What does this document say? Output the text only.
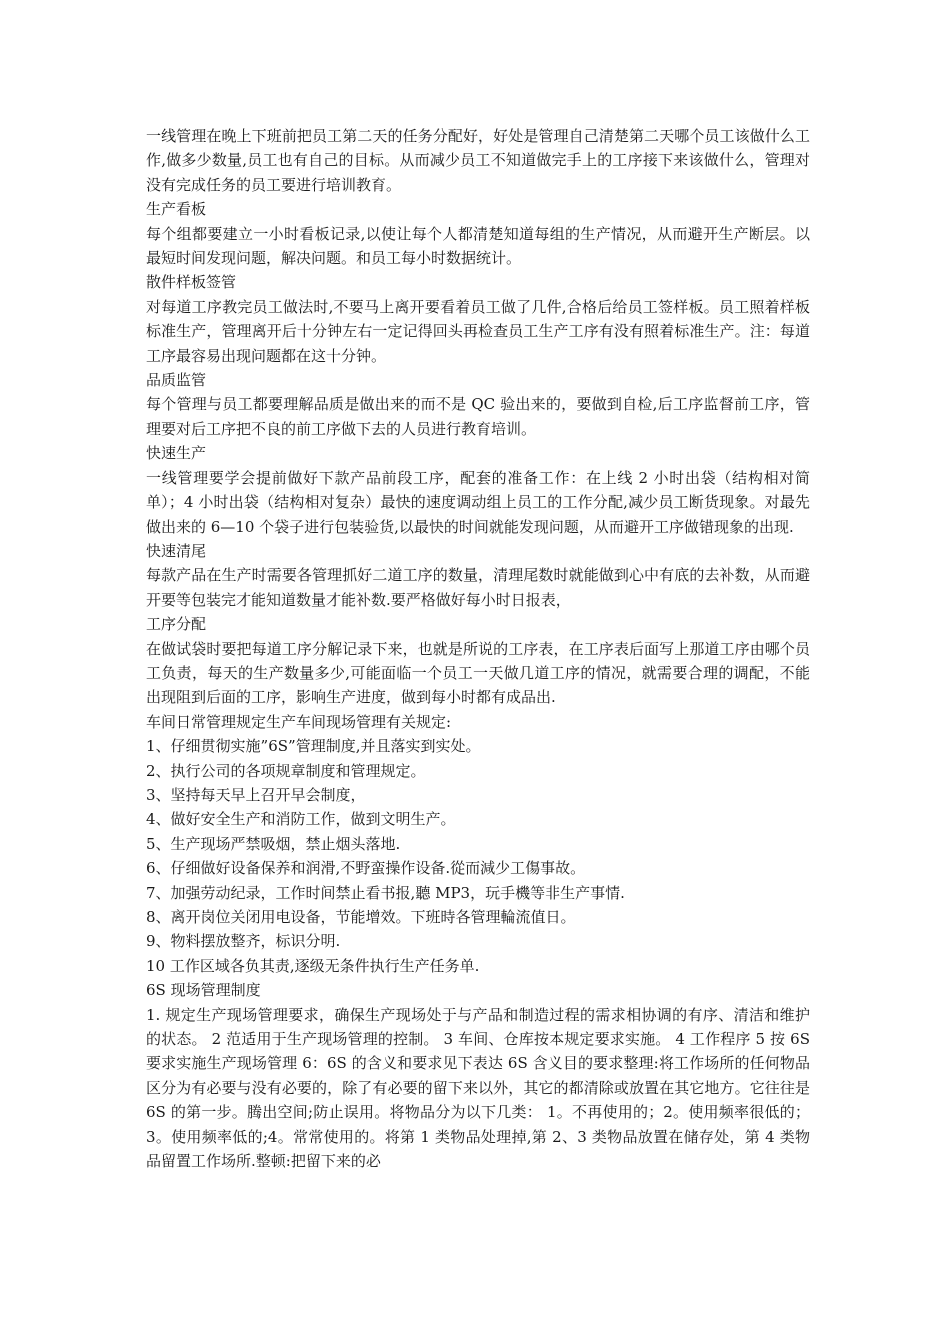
一线管理在晚上下班前把员工第二天的任务分配好，好处是管理自己清楚第二天哪个员工该做什么工作,做多少数量,员工也有自己的目标。从而减少员工不知道做完手上的工序接下来该做什么，管理对没有完成任务的员工要进行培训教育。

生产看板

每个组都要建立一小时看板记录,以使让每个人都清楚知道每组的生产情况，从而避开生产断层。以最短时间发现问题，解决问题。和员工每小时数据统计。

散件样板签管

对每道工序教完员工做法时,不要马上离开要看着员工做了几件,合格后给员工签样板。员工照着样板标准生产，管理离开后十分钟左右一定记得回头再检查员工生产工序有没有照着标准生产。注：每道工序最容易出现问题都在这十分钟。

品质监管

每个管理与员工都要理解品质是做出来的而不是 QC 验出来的，要做到自检,后工序监督前工序，管理要对后工序把不良的前工序做下去的人员进行教育培训。

快速生产

一线管理要学会提前做好下款产品前段工序，配套的准备工作：在上线 2 小时出袋（结构相对简单）；4 小时出袋（结构相对复杂）最快的速度调动组上员工的工作分配,减少员工断货现象。对最先做出来的 6—10 个袋子进行包装验货,以最快的时间就能发现问题，从而避开工序做错现象的出现.

快速清尾

每款产品在生产时需要各管理抓好二道工序的数量，清理尾数时就能做到心中有底的去补数，从而避开要等包装完才能知道数量才能补数.要严格做好每小时日报表，

工序分配

在做试袋时要把每道工序分解记录下来，也就是所说的工序表，在工序表后面写上那道工序由哪个员工负责，每天的生产数量多少,可能面临一个员工一天做几道工序的情况，就需要合理的调配，不能出现阻到后面的工序，影响生产进度，做到每小时都有成品出.

车间日常管理规定生产车间现场管理有关规定:

1、仔细贯彻实施”6S”管理制度,并且落实到实处。

2、执行公司的各项规章制度和管理规定。

3、坚持每天早上召开早会制度，

4、做好安全生产和消防工作，做到文明生产。

5、生产现场严禁吸烟，禁止烟头落地.

6、仔细做好设备保养和润滑,不野蛮操作设备.從而減少工傷事故。

7、加强劳动纪录，工作时间禁止看书报,聽 MP3，玩手機等非生产事情.

8、离开岗位关闭用电设备，节能增效。下班時各管理輪流值日。

9、物料摆放整齐，标识分明.

10 工作区域各负其责,逐级无条件执行生产任务单.

6S 现场管理制度

1. 规定生产现场管理要求，确保生产现场处于与产品和制造过程的需求相协调的有序、清洁和维护的状态。 2 范适用于生产现场管理的控制。 3 车间、仓库按本规定要求实施。 4 工作程序 5 按 6S 要求实施生产现场管理 6：6S 的含义和要求见下表达 6S 含义目的要求整理:将工作场所的任何物品区分为有必要与没有必要的，除了有必要的留下来以外，其它的都清除或放置在其它地方。它往往是 6S 的第一步。腾出空间;防止误用。将物品分为以下几类： 1。不再使用的；2。使用频率很低的；3。使用频率低的;4。常常使用的。将第 1 类物品处理掉,第 2、3 类物品放置在储存处，第 4 类物品留置工作场所.整顿:把留下来的必
